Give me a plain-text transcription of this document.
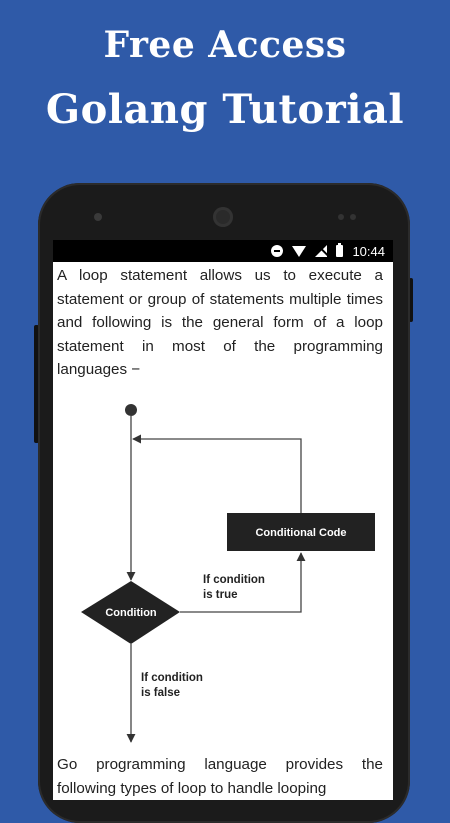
Free Access
Golang Tutorial
10:44

A loop statement allows us to execute a statement or group of statements multiple times and following is the general form of a loop statement in most of the programming languages −

Conditional Code
Condition
If condition
is true
If condition
is false

Go programming language provides the following types of loop to handle looping
